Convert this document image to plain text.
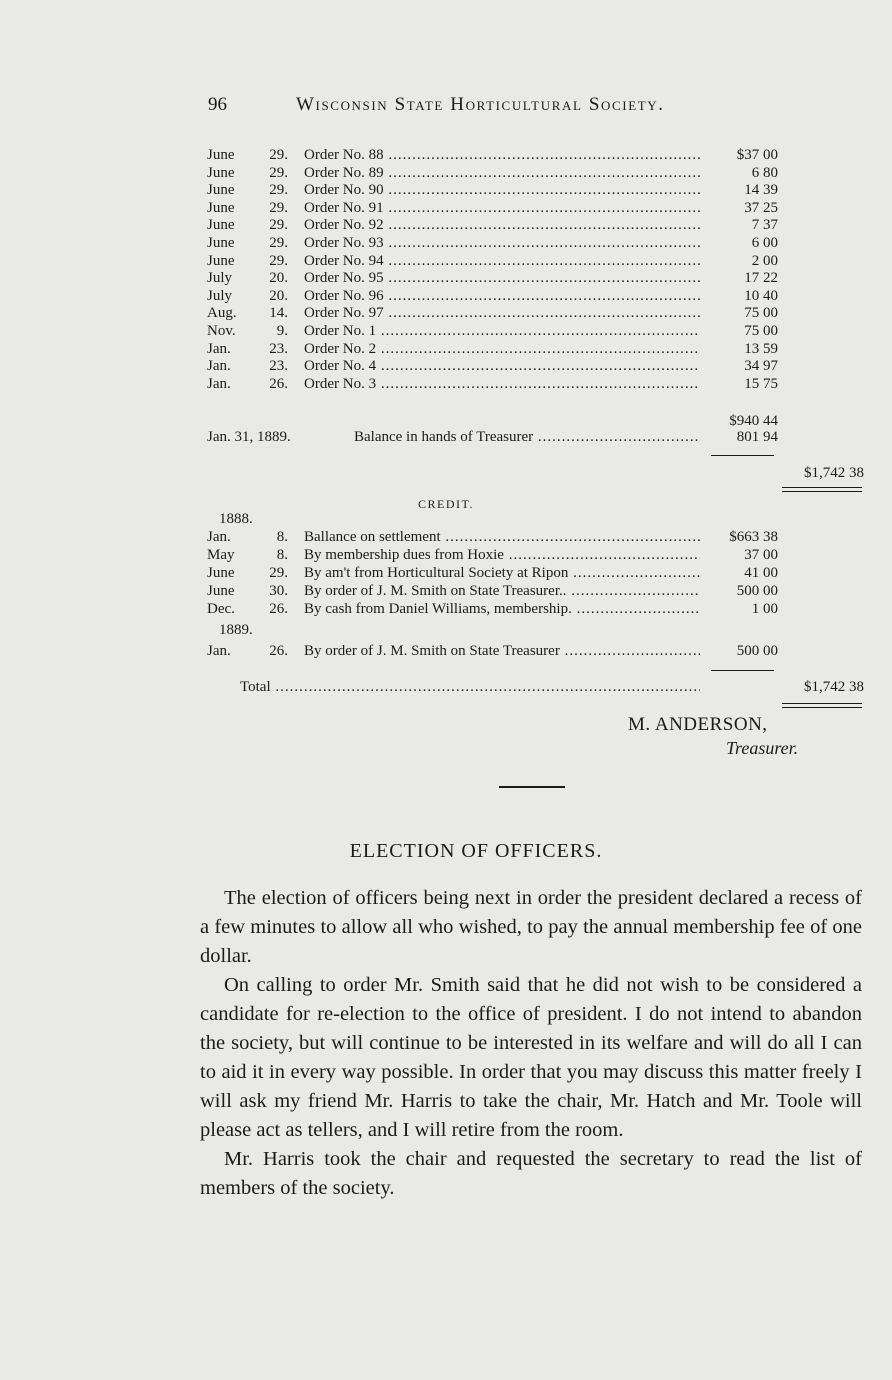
96	Wisconsin State Horticultural Society.
June	29. Order No. 88 .....	$37 00
June	29. Order No. 89 .....	6 80
June	29. Order No. 90 .....	14 39
June	29. Order No. 91 .....	37 25
June	29. Order No. 92 .....	7 37
June	29. Order No. 93 .....	6 00
June	29. Order No. 94 .....	2 00
July	20. Order No. 95 .....	17 22
July	20. Order No. 96 .....	10 40
Aug.	14. Order No. 97 .....	75 00
Nov.	9. Order No. 1 .....	75 00
Jan.	23. Order No. 2 .....	13 59
Jan.	23. Order No. 4 .....	34 97
Jan.	26. Order No. 3 .....	15 75
$940 44
Jan. 31, 1889.	Balance in hands of Treasurer .....	801 94
$1,742 38
CREDIT.
1888.
Jan.	8. Ballance on settlement .....	$663 38
May	8. By membership dues from Hoxie .....	37 00
June	29. By am't from Horticultural Society at Ripon .....	41 00
June	30. By order of J. M. Smith on State Treasurer.. .....	500 00
Dec.	26. By cash from Daniel Williams, membership. .....	1 00
Jan.	26. By order of J. M. Smith on State Treasurer .....	500 00
1889.
Total .....	$1,742 38
M. ANDERSON,
Treasurer.
ELECTION OF OFFICERS.

The election of officers being next in order the president declared a recess of a few minutes to allow all who wished, to pay the annual membership fee of one dollar.

On calling to order Mr. Smith said that he did not wish to be considered a candidate for re-election to the office of president. I do not intend to abandon the society, but will continue to be interested in its welfare and will do all I can to aid it in every way possible. In order that you may discuss this matter freely I will ask my friend Mr. Harris to take the chair, Mr. Hatch and Mr. Toole will please act as tellers, and I will retire from the room.

Mr. Harris took the chair and requested the secretary to read the list of members of the society.
